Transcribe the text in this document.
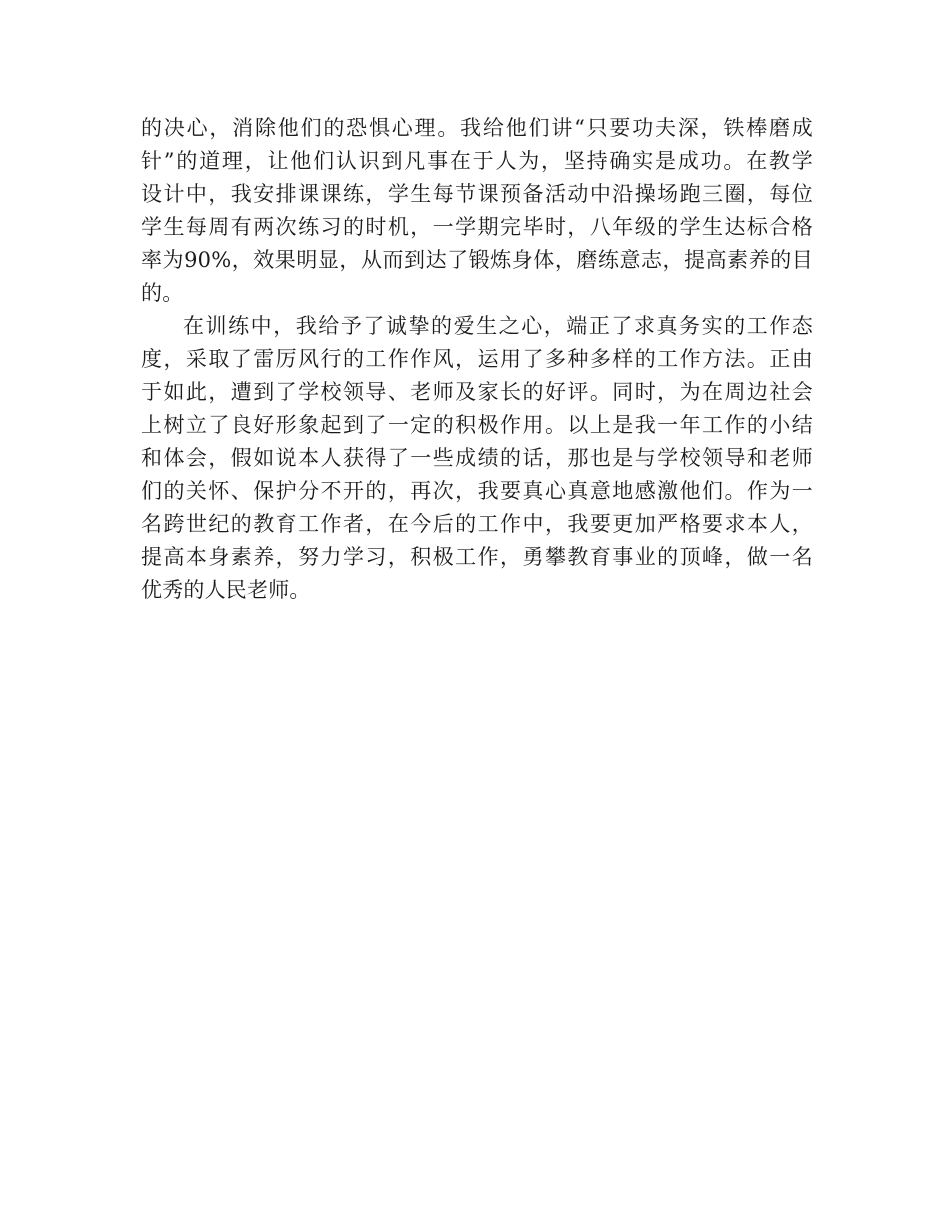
的决心，消除他们的恐惧心理。我给他们讲“只要功夫深，铁棒磨成
针”的道理，让他们认识到凡事在于人为，坚持确实是成功。在教学
设计中，我安排课课练，学生每节课预备活动中沿操场跑三圈，每位
学生每周有两次练习的时机，一学期完毕时，八年级的学生达标合格
率为90%，效果明显，从而到达了锻炼身体，磨练意志，提高素养的目
的。
在训练中，我给予了诚挚的爱生之心，端正了求真务实的工作态
度，采取了雷厉风行的工作作风，运用了多种多样的工作方法。正由
于如此，遭到了学校领导、老师及家长的好评。同时，为在周边社会
上树立了良好形象起到了一定的积极作用。以上是我一年工作的小结
和体会，假如说本人获得了一些成绩的话，那也是与学校领导和老师
们的关怀、保护分不开的，再次，我要真心真意地感激他们。作为一
名跨世纪的教育工作者，在今后的工作中，我要更加严格要求本人，
提高本身素养，努力学习，积极工作，勇攀教育事业的顶峰，做一名
优秀的人民老师。
